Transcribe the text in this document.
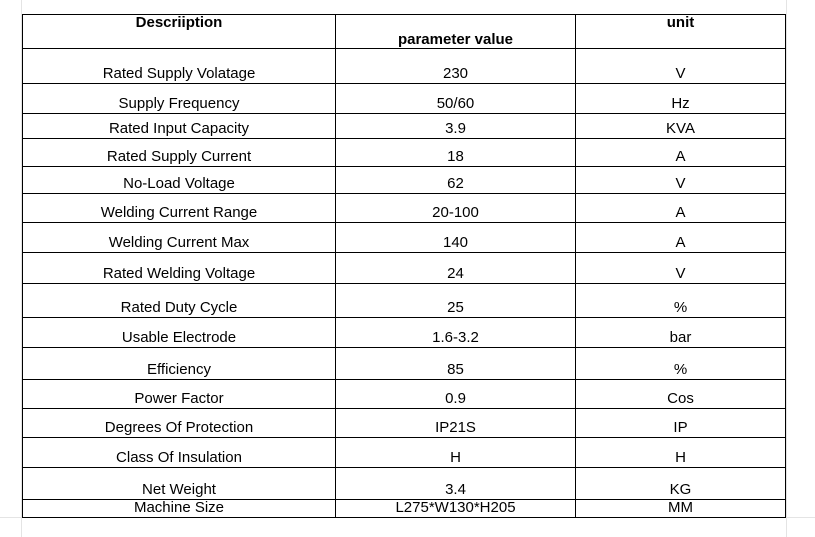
Descriiption	parameter value	unit
Rated Supply Volatage	230	V
Supply Frequency	50/60	Hz
Rated Input Capacity	3.9	KVA
Rated Supply Current	18	A
No-Load Voltage	62	V
Welding Current Range	20-100	A
Welding Current Max	140	A
Rated Welding Voltage	24	V
Rated Duty Cycle	25	%
Usable Electrode	1.6-3.2	bar
Efficiency	85	%
Power Factor	0.9	Cos
Degrees Of Protection	IP21S	IP
Class Of Insulation	H	H
Net Weight	3.4	KG
Machine Size	L275*W130*H205	MM
